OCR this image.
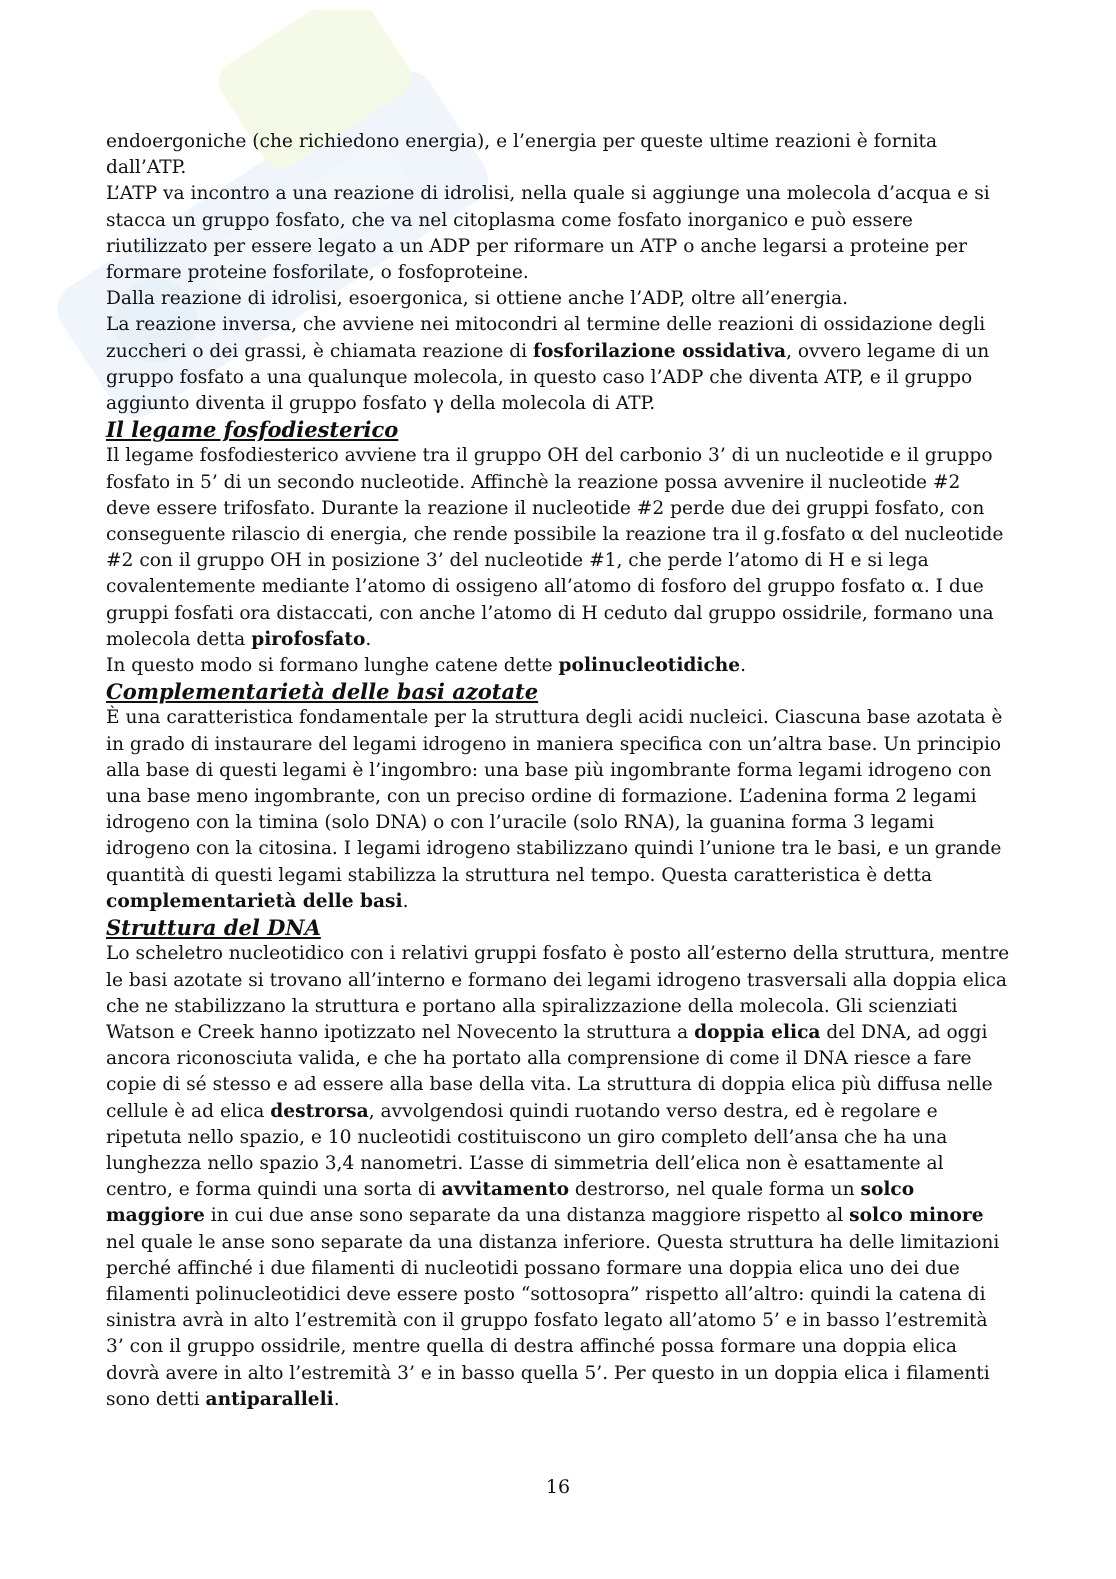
endoergoniche (che richiedono energia), e l’energia per queste ultime reazioni è fornita dall’ATP.

L’ATP va incontro a una reazione di idrolisi, nella quale si aggiunge una molecola d’acqua e si stacca un gruppo fosfato, che va nel citoplasma come fosfato inorganico e può essere riutilizzato per essere legato a un ADP per riformare un ATP o anche legarsi a proteine per formare proteine fosforilate, o fosfoproteine.

Dalla reazione di idrolisi, esoergonica, si ottiene anche l’ADP, oltre all’energia.

La reazione inversa, che avviene nei mitocondri al termine delle reazioni di ossidazione degli zuccheri o dei grassi, è chiamata reazione di fosforilazione ossidativa, ovvero legame di un gruppo fosfato a una qualunque molecola, in questo caso l’ADP che diventa ATP, e il gruppo aggiunto diventa il gruppo fosfato γ della molecola di ATP.

Il legame fosfodiesterico

Il legame fosfodiesterico avviene tra il gruppo OH del carbonio 3’ di un nucleotide e il gruppo fosfato in 5’ di un secondo nucleotide. Affinchè la reazione possa avvenire il nucleotide #2 deve essere trifosfato. Durante la reazione il nucleotide #2 perde due dei gruppi fosfato, con conseguente rilascio di energia, che rende possibile la reazione tra il g.fosfato α del nucleotide #2 con il gruppo OH in posizione 3’ del nucleotide #1, che perde l’atomo di H e si lega covalentemente mediante l’atomo di ossigeno all’atomo di fosforo del gruppo fosfato α. I due gruppi fosfati ora distaccati, con anche l’atomo di H ceduto dal gruppo ossidrile, formano una molecola detta pirofosfato.

In questo modo si formano lunghe catene dette polinucleotidiche.

Complementarietà delle basi azotate

È una caratteristica fondamentale per la struttura degli acidi nucleici. Ciascuna base azotata è in grado di instaurare del legami idrogeno in maniera specifica con un’altra base. Un principio alla base di questi legami è l’ingombro: una base più ingombrante forma legami idrogeno con una base meno ingombrante, con un preciso ordine di formazione. L’adenina forma 2 legami idrogeno con la timina (solo DNA) o con l’uracile (solo RNA), la guanina forma 3 legami idrogeno con la citosina. I legami idrogeno stabilizzano quindi l’unione tra le basi, e un grande quantità di questi legami stabilizza la struttura nel tempo. Questa caratteristica è detta complementarietà delle basi.

Struttura del DNA

Lo scheletro nucleotidico con i relativi gruppi fosfato è posto all’esterno della struttura, mentre le basi azotate si trovano all’interno e formano dei legami idrogeno trasversali alla doppia elica che ne stabilizzano la struttura e portano alla spiralizzazione della molecola. Gli scienziati Watson e Creek hanno ipotizzato nel Novecento la struttura a doppia elica del DNA, ad oggi ancora riconosciuta valida, e che ha portato alla comprensione di come il DNA riesce a fare copie di sé stesso e ad essere alla base della vita. La struttura di doppia elica più diffusa nelle cellule è ad elica destrorsa, avvolgendosi quindi ruotando verso destra, ed è regolare e ripetuta nello spazio, e 10 nucleotidi costituiscono un giro completo dell’ansa che ha una lunghezza nello spazio 3,4 nanometri. L’asse di simmetria dell’elica non è esattamente al centro, e forma quindi una sorta di avvitamento destrorso, nel quale forma un solco maggiore in cui due anse sono separate da una distanza maggiore rispetto al solco minore nel quale le anse sono separate da una distanza inferiore. Questa struttura ha delle limitazioni perché affinché i due filamenti di nucleotidi possano formare una doppia elica uno dei due filamenti polinucleotidici deve essere posto “sottosopra” rispetto all’altro: quindi la catena di sinistra avrà in alto l’estremità con il gruppo fosfato legato all’atomo 5’ e in basso l’estremità 3’ con il gruppo ossidrile, mentre quella di destra affinché possa formare una doppia elica dovrà avere in alto l’estremità 3’ e in basso quella 5’. Per questo in un doppia elica i filamenti sono detti antiparalleli.

16
